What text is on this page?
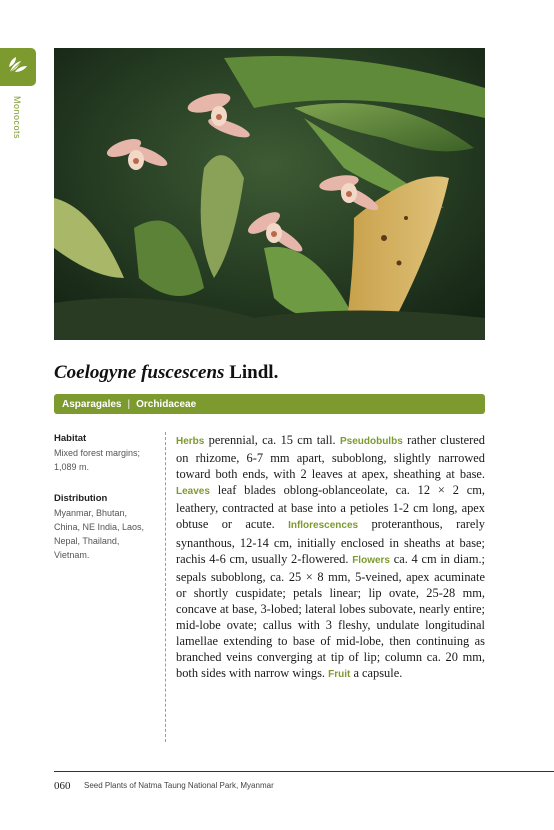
Monocots
Coelogyne fuscescens Lindl.
Asparagales | Orchidaceae
Habitat
Mixed forest margins; 1,089 m.
Distribution
Myanmar, Bhutan, China, NE India, Laos, Nepal, Thailand, Vietnam.

Herbs perennial, ca. 15 cm tall. Pseudobulbs rather clustered on rhizome, 6-7 mm apart, suboblong, slightly narrowed toward both ends, with 2 leaves at apex, sheathing at base. Leaves leaf blades oblong-oblanceolate, ca. 12 × 2 cm, leathery, contracted at base into a petioles 1-2 cm long, apex obtuse or acute. Inflorescences proteranthous, rarely synanthous, 12-14 cm, initially enclosed in sheaths at base; rachis 4-6 cm, usually 2-flowered. Flowers ca. 4 cm in diam.; sepals suboblong, ca. 25 × 8 mm, 5-veined, apex acuminate or shortly cuspidate; petals linear; lip ovate, 25-28 mm, concave at base, 3-lobed; lateral lobes subovate, nearly entire; mid-lobe ovate; callus with 3 fleshy, undulate longitudinal lamellae extending to base of mid-lobe, then continuing as branched veins converging at tip of lip; column ca. 20 mm, both sides with narrow wings. Fruit a capsule.

060 Seed Plants of Natma Taung National Park, Myanmar
